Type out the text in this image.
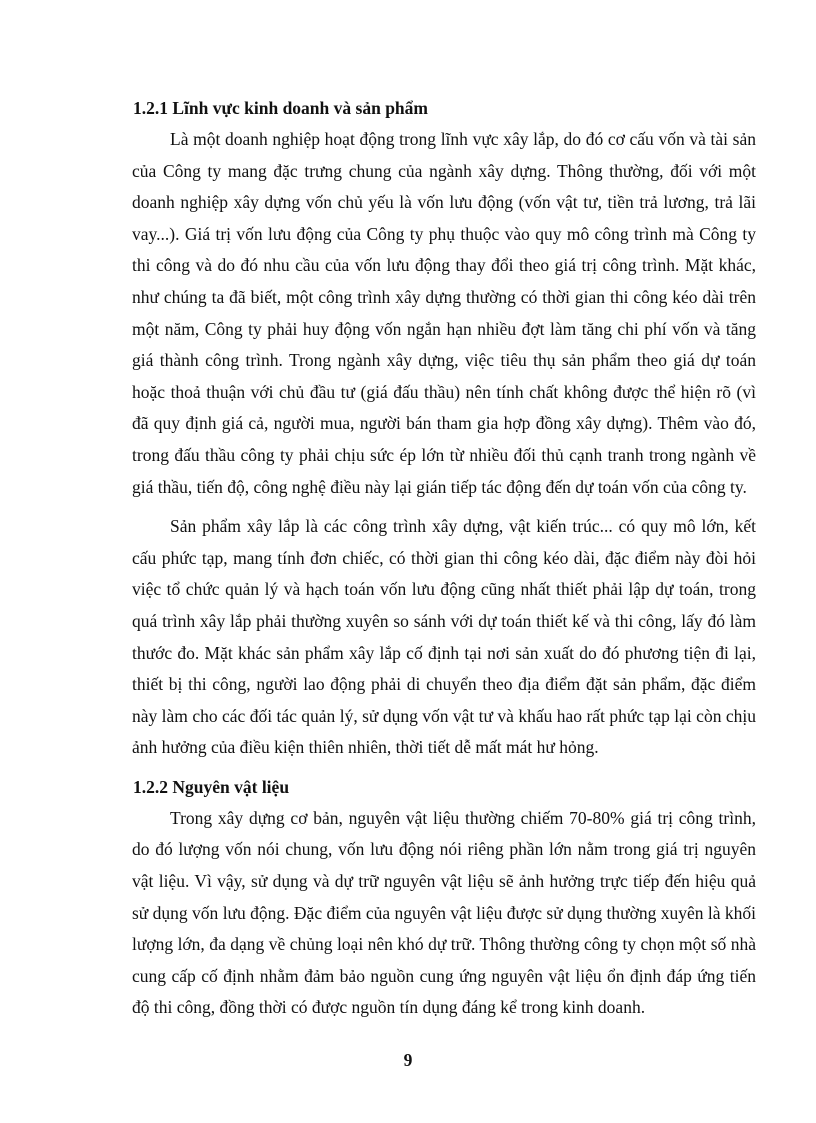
1.2.1 Lĩnh vực kinh doanh và sản phẩm

Là một doanh nghiệp hoạt động trong lĩnh vực xây lắp, do đó cơ cấu vốn và tài sản của Công ty mang đặc trưng chung của ngành xây dựng. Thông thường, đối với một doanh nghiệp xây dựng vốn chủ yếu là vốn lưu động (vốn vật tư, tiền trả lương, trả lãi vay...). Giá trị vốn lưu động của Công ty phụ thuộc vào quy mô công trình mà Công ty thi công và do đó nhu cầu của vốn lưu động thay đổi theo giá trị công trình. Mặt khác, như chúng ta đã biết, một công trình xây dựng thường có thời gian thi công kéo dài trên một năm, Công ty phải huy động vốn ngắn hạn nhiều đợt làm tăng chi phí vốn và tăng giá thành công trình. Trong ngành xây dựng, việc tiêu thụ sản phẩm theo giá dự toán hoặc thoả thuận với chủ đầu tư (giá đấu thầu) nên tính chất không được thể hiện rõ (vì đã quy định giá cả, người mua, người bán tham gia hợp đồng xây dựng). Thêm vào đó, trong đấu thầu công ty phải chịu sức ép lớn từ nhiều đối thủ cạnh tranh trong ngành về giá thầu, tiến độ, công nghệ điều này lại gián tiếp tác động đến dự toán vốn của công ty.

Sản phẩm xây lắp là các công trình xây dựng, vật kiến trúc... có quy mô lớn, kết cấu phức tạp, mang tính đơn chiếc, có thời gian thi công kéo dài, đặc điểm này đòi hỏi việc tổ chức quản lý và hạch toán vốn lưu động cũng nhất thiết phải lập dự toán, trong quá trình xây lắp phải thường xuyên so sánh với dự toán thiết kế và thi công, lấy đó làm thước đo. Mặt khác sản phẩm xây lắp cố định tại nơi sản xuất do đó phương tiện đi lại, thiết bị thi công, người lao động phải di chuyển theo địa điểm đặt sản phẩm, đặc điểm này làm cho các đối tác quản lý, sử dụng vốn vật tư và khấu hao rất phức tạp lại còn chịu ảnh hưởng của điều kiện thiên nhiên, thời tiết dễ mất mát hư hỏng.

1.2.2 Nguyên vật liệu

Trong xây dựng cơ bản, nguyên vật liệu thường chiếm 70-80% giá trị công trình, do đó lượng vốn nói chung, vốn lưu động nói riêng phần lớn nằm trong giá trị nguyên vật liệu. Vì vậy, sử dụng và dự trữ nguyên vật liệu sẽ ảnh hưởng trực tiếp đến hiệu quả sử dụng vốn lưu động. Đặc điểm của nguyên vật liệu được sử dụng thường xuyên là khối lượng lớn, đa dạng về chủng loại nên khó dự trữ. Thông thường công ty chọn một số nhà cung cấp cố định nhằm đảm bảo nguồn cung ứng nguyên vật liệu ổn định đáp ứng tiến độ thi công, đồng thời có được nguồn tín dụng đáng kể trong kinh doanh.

9
